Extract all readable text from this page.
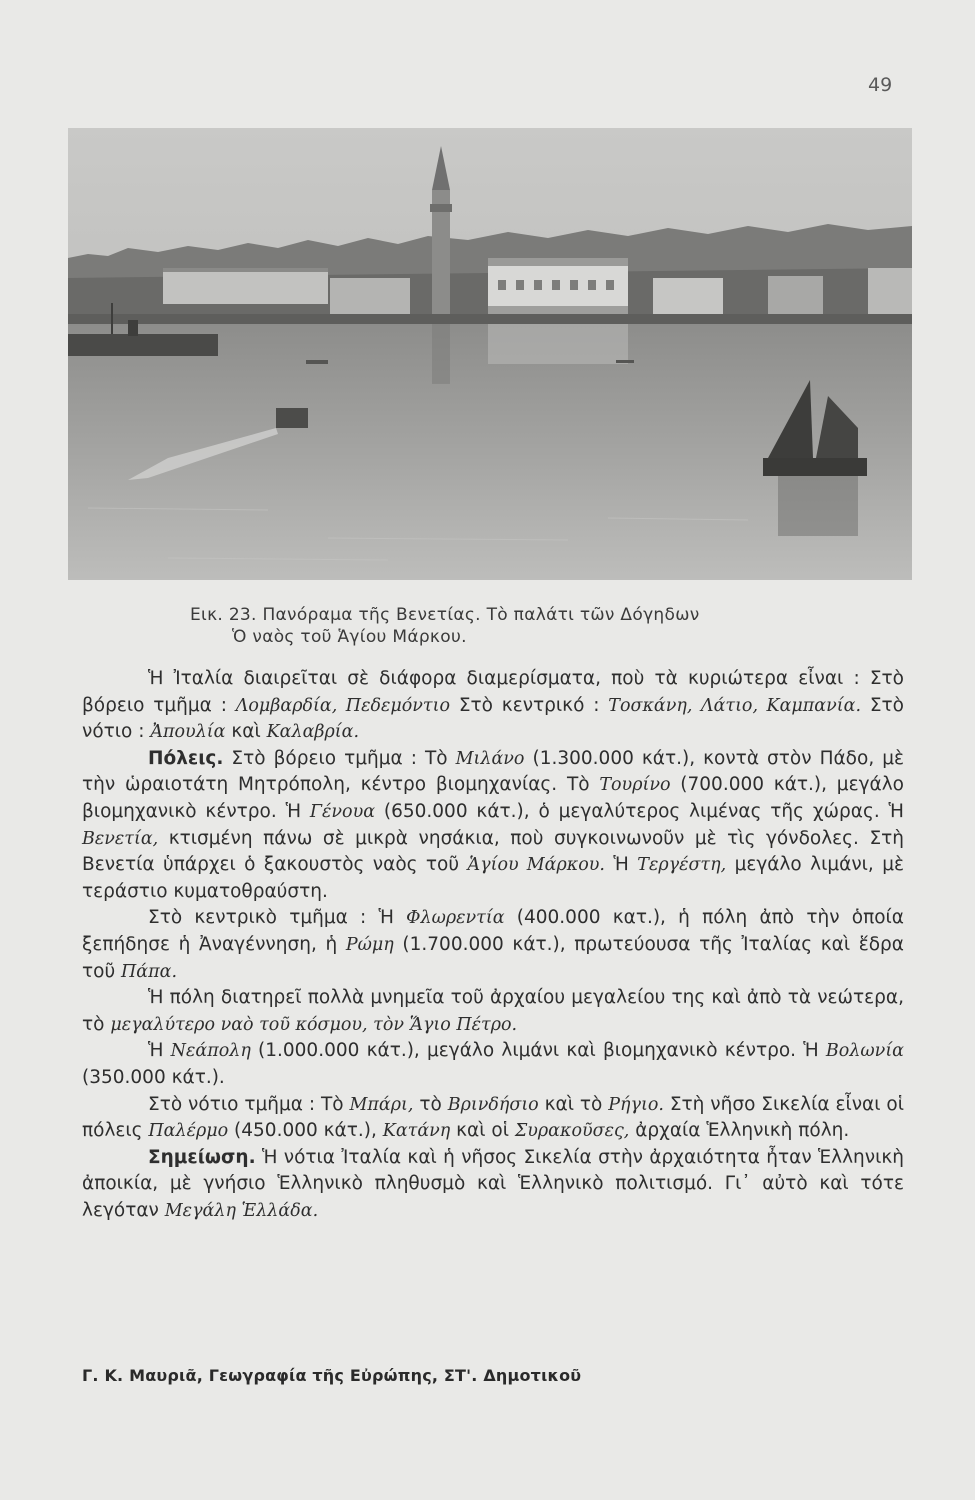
49
Εικ. 23. Πανόραμα τῆς Βενετίας. Τὸ παλάτι τῶν Δόγηδων
Ὁ ναὸς τοῦ Ἁγίου Μάρκου.

Ἡ Ἰταλία διαιρεῖται σὲ διάφορα διαμερίσματα, ποὺ τὰ κυριώτερα εἶναι : Στὸ βόρειο τμῆμα : Λομβαρδία, Πεδεμόντιο Στὸ κεντρικό : Τοσκάνη, Λάτιο, Καμπανία. Στὸ νότιο : Ἀπουλία καὶ Καλαβρία.

Πόλεις. Στὸ βόρειο τμῆμα : Τὸ Μιλάνο (1.300.000 κάτ.), κοντὰ στὸν Πάδο, μὲ τὴν ὡραιοτάτη Μητρόπολη, κέντρο βιομηχανίας. Τὸ Τουρίνο (700.000 κάτ.), μεγάλο βιομηχανικὸ κέντρο. Ἡ Γένουα (650.000 κάτ.), ὁ μεγαλύτερος λιμένας τῆς χώρας. Ἡ Βενετία, κτισμένη πάνω σὲ μικρὰ νησάκια, ποὺ συγκοινωνοῦν μὲ τὶς γόνδολες. Στὴ Βενετία ὑπάρχει ὁ ξακουστὸς ναὸς τοῦ Ἁγίου Μάρκου. Ἡ Τεργέστη, μεγάλο λιμάνι, μὲ τεράστιο κυματοθραύστη.

Στὸ κεντρικὸ τμῆμα : Ἡ Φλωρεντία (400.000 κατ.), ἡ πόλη ἀπὸ τὴν ὁποία ξεπήδησε ἡ Ἀναγέννηση, ἡ Ρώμη (1.700.000 κάτ.), πρωτεύουσα τῆς Ἰταλίας καὶ ἕδρα τοῦ Πάπα.

Ἡ πόλη διατηρεῖ πολλὰ μνημεῖα τοῦ ἀρχαίου μεγαλείου της καὶ ἀπὸ τὰ νεώτερα, τὸ μεγαλύτερο ναὸ τοῦ κόσμου, τὸν Ἅγιο Πέτρο.

Ἡ Νεάπολη (1.000.000 κάτ.), μεγάλο λιμάνι καὶ βιομηχανικὸ κέντρο. Ἡ Βολωνία (350.000 κάτ.).

Στὸ νότιο τμῆμα : Τὸ Μπάρι, τὸ Βρινδήσιο καὶ τὸ Ρήγιο. Στὴ νῆσο Σικελία εἶναι οἱ πόλεις Παλέρμο (450.000 κάτ.), Κατάνη καὶ οἱ Συρακοῦσες, ἀρχαία Ἑλληνικὴ πόλη.

Σημείωση. Ἡ νότια Ἰταλία καὶ ἡ νῆσος Σικελία στὴν ἀρχαιότητα ἦταν Ἑλληνικὴ ἀποικία, μὲ γνήσιο Ἑλληνικὸ πληθυσμὸ καὶ Ἑλληνικὸ πολιτισμό. Γι᾿ αὐτὸ καὶ τότε λεγόταν Μεγάλη Ἑλλάδα.

Γ. Κ. Μαυριᾶ, Γεωγραφία τῆς Εὐρώπης, ΣΤ'. Δημοτικοῦ
